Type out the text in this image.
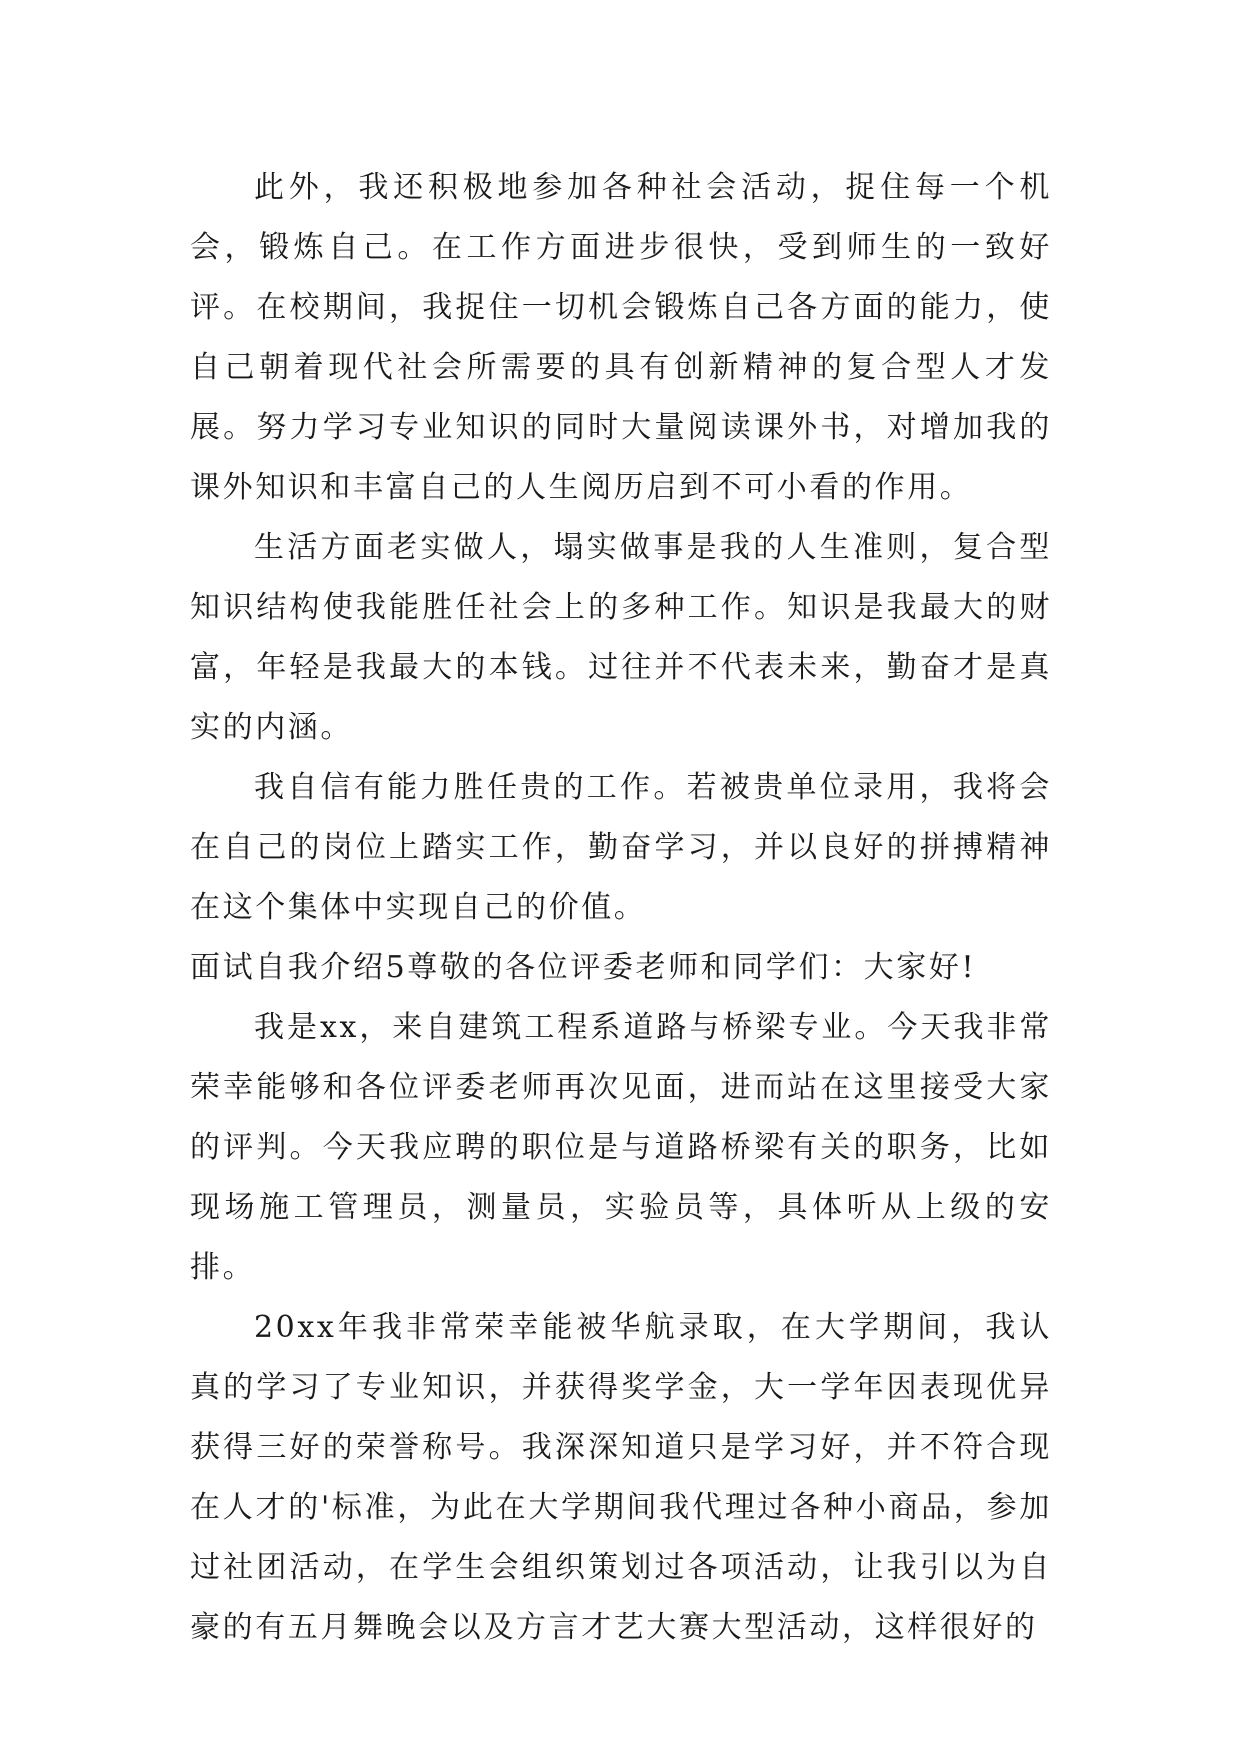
此外，我还积极地参加各种社会活动，捉住每一个机会，锻炼自己。在工作方面进步很快，受到师生的一致好评。在校期间，我捉住一切机会锻炼自己各方面的能力，使自己朝着现代社会所需要的具有创新精神的复合型人才发展。努力学习专业知识的同时大量阅读课外书，对增加我的课外知识和丰富自己的人生阅历启到不可小看的作用。

生活方面老实做人，塌实做事是我的人生准则，复合型知识结构使我能胜任社会上的多种工作。知识是我最大的财富，年轻是我最大的本钱。过往并不代表未来，勤奋才是真实的内涵。

我自信有能力胜任贵的工作。若被贵单位录用，我将会在自己的岗位上踏实工作，勤奋学习，并以良好的拼搏精神在这个集体中实现自己的价值。

面试自我介绍5尊敬的各位评委老师和同学们：大家好!

我是xx，来自建筑工程系道路与桥梁专业。今天我非常荣幸能够和各位评委老师再次见面，进而站在这里接受大家的评判。今天我应聘的职位是与道路桥梁有关的职务，比如现场施工管理员，测量员，实验员等，具体听从上级的安排。

20xx年我非常荣幸能被华航录取，在大学期间，我认真的学习了专业知识，并获得奖学金，大一学年因表现优异获得三好的荣誉称号。我深深知道只是学习好，并不符合现在人才的'标准，为此在大学期间我代理过各种小商品，参加过社团活动，在学生会组织策划过各项活动，让我引以为自豪的有五月舞晚会以及方言才艺大赛大型活动，这样很好的
